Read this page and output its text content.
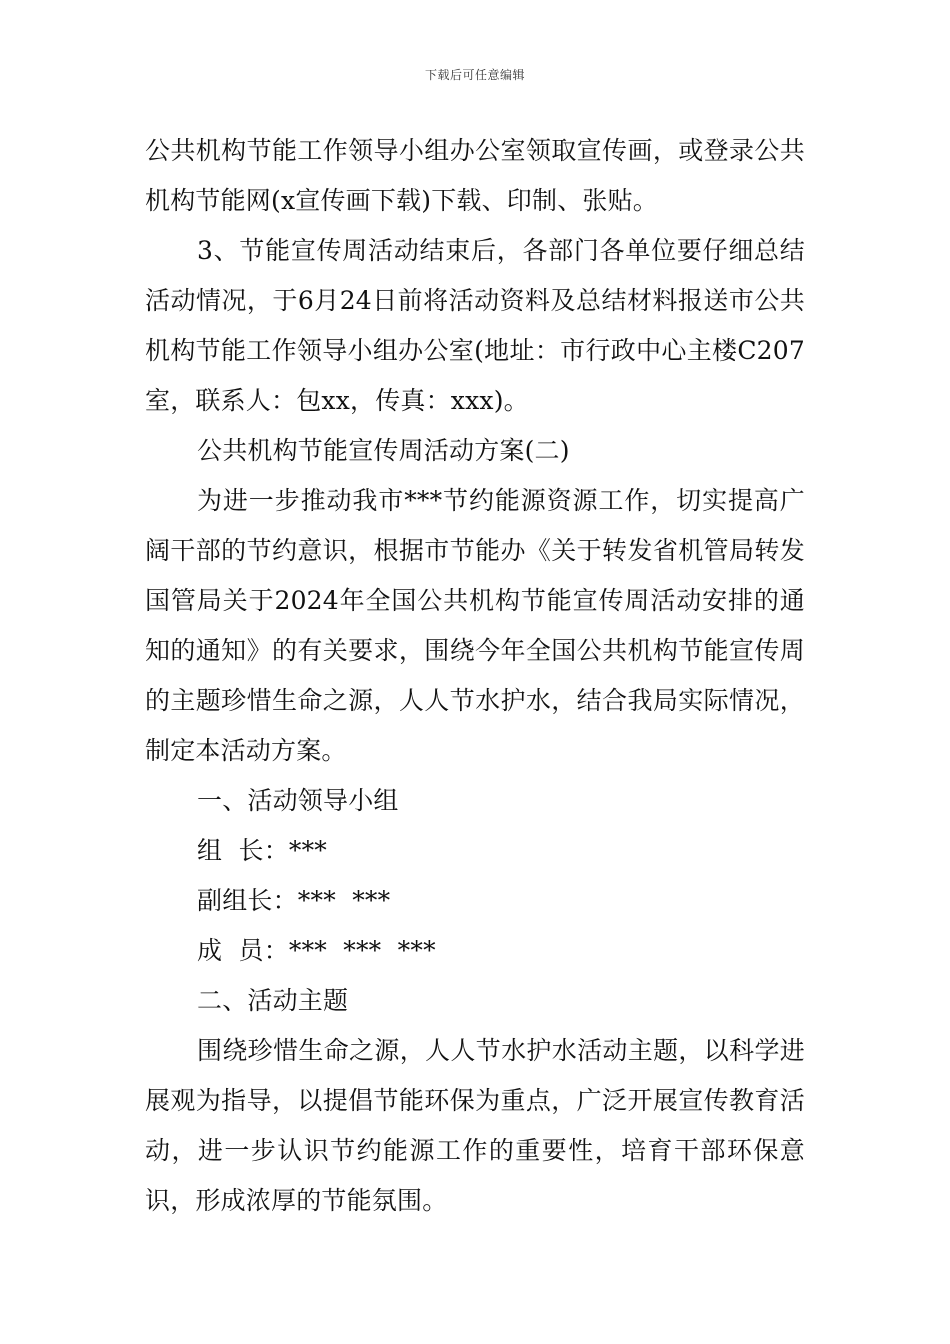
下载后可任意编辑

公共机构节能工作领导小组办公室领取宣传画，或登录公共机构节能网(x宣传画下载)下载、印制、张贴。

3、节能宣传周活动结束后，各部门各单位要仔细总结活动情况，于6月24日前将活动资料及总结材料报送市公共机构节能工作领导小组办公室(地址：市行政中心主楼C207室，联系人：包xx，传真：xxx)。

公共机构节能宣传周活动方案(二)

为进一步推动我市***节约能源资源工作，切实提高广阔干部的节约意识，根据市节能办《关于转发省机管局转发国管局关于2024年全国公共机构节能宣传周活动安排的通知的通知》的有关要求，围绕今年全国公共机构节能宣传周的主题珍惜生命之源，人人节水护水，结合我局实际情况，制定本活动方案。

一、活动领导小组

组  长：***

副组长：***  ***

成  员：***  ***  ***

二、活动主题

围绕珍惜生命之源，人人节水护水活动主题，以科学进展观为指导，以提倡节能环保为重点，广泛开展宣传教育活动，进一步认识节约能源工作的重要性，培育干部环保意识，形成浓厚的节能氛围。
